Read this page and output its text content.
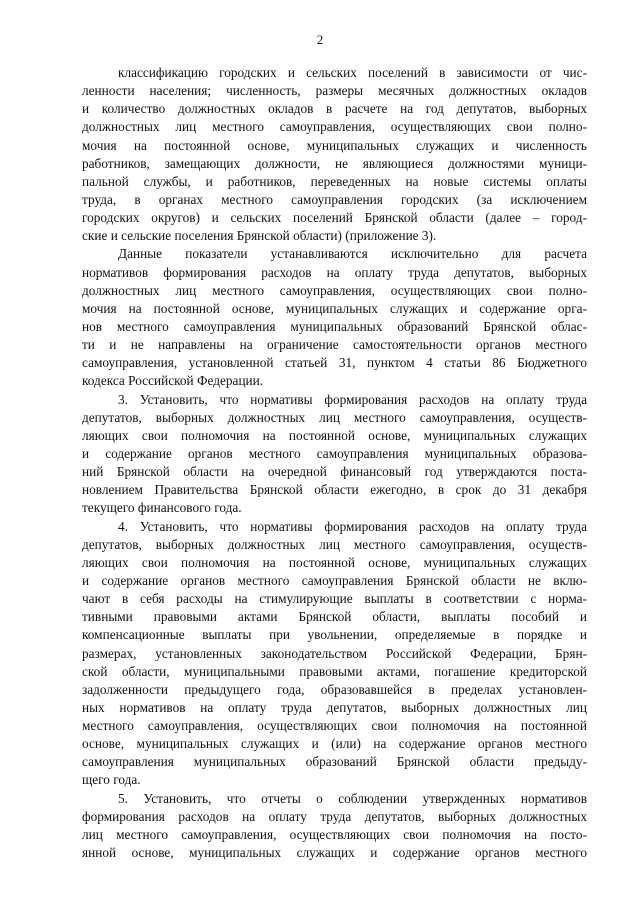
2
классификацию городских и сельских поселений в зависимости от чис-
ленности населения; численность, размеры месячных должностных окладов
и количество должностных окладов в расчете на год депутатов, выборных
должностных лиц местного самоуправления, осуществляющих свои полно-
мочия на постоянной основе, муниципальных служащих и численность
работников, замещающих должности, не являющиеся должностями муници-
пальной службы, и работников, переведенных на новые системы оплаты
труда, в органах местного самоуправления городских (за исключением
городских округов) и сельских поселений Брянской области (далее – город-
ские и сельские поселения Брянской области) (приложение 3).
Данные показатели устанавливаются исключительно для расчета
нормативов формирования расходов на оплату труда депутатов, выборных
должностных лиц местного самоуправления, осуществляющих свои полно-
мочия на постоянной основе, муниципальных служащих и содержание орга-
нов местного самоуправления муниципальных образований Брянской облас-
ти и не направлены на ограничение самостоятельности органов местного
самоуправления, установленной статьей 31, пунктом 4 статьи 86 Бюджетного
кодекса Российской Федерации.
3. Установить, что нормативы формирования расходов на оплату труда
депутатов, выборных должностных лиц местного самоуправления, осуществ-
ляющих свои полномочия на постоянной основе, муниципальных служащих
и содержание органов местного самоуправления муниципальных образова-
ний Брянской области на очередной финансовый год утверждаются поста-
новлением Правительства Брянской области ежегодно, в срок до 31 декабря
текущего финансового года.
4. Установить, что нормативы формирования расходов на оплату труда
депутатов, выборных должностных лиц местного самоуправления, осуществ-
ляющих свои полномочия на постоянной основе, муниципальных служащих
и содержание органов местного самоуправления Брянской области не вклю-
чают в себя расходы на стимулирующие выплаты в соответствии с норма-
тивными правовыми актами Брянской области, выплаты пособий и
компенсационные выплаты при увольнении, определяемые в порядке и
размерах, установленных законодательством Российской Федерации, Брян-
ской области, муниципальными правовыми актами, погашение кредиторской
задолженности предыдущего года, образовавшейся в пределах установлен-
ных нормативов на оплату труда депутатов, выборных должностных лиц
местного самоуправления, осуществляющих свои полномочия на постоянной
основе, муниципальных служащих и (или) на содержание органов местного
самоуправления муниципальных образований Брянской области предыду-
щего года.
5. Установить, что отчеты о соблюдении утвержденных нормативов
формирования расходов на оплату труда депутатов, выборных должностных
лиц местного самоуправления, осуществляющих свои полномочия на посто-
янной основе, муниципальных служащих и содержание органов местного
